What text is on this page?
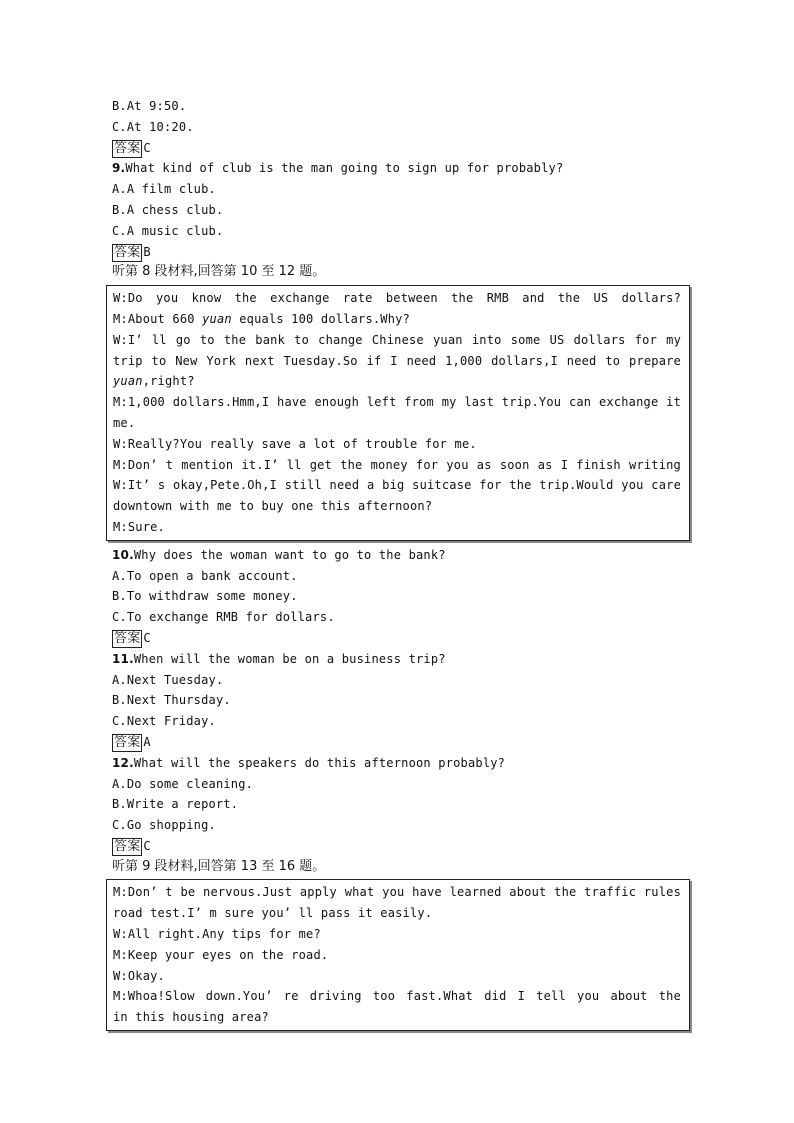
B.At 9:50.
C.At 10:20.
答案 C
9.What kind of club is the man going to sign up for probably?
A.A film club.
B.A chess club.
C.A music club.
答案 B
听第 8 段材料,回答第 10 至 12 题。
W:Do you know the exchange rate between the RMB and the US dollars?
M:About 660 yuan equals 100 dollars.Why?
W:I’ ll go to the bank to change Chinese yuan into some US dollars for my
trip to New York next Tuesday.So if I need 1,000 dollars,I need to prepare
yuan,right?
M:1,000 dollars.Hmm,I have enough left from my last trip.You can exchange it
me.
W:Really?You really save a lot of trouble for me.
M:Don’ t mention it.I’ ll get the money for you as soon as I finish writing
W:It’ s okay,Pete.Oh,I still need a big suitcase for the trip.Would you care
downtown with me to buy one this afternoon?
M:Sure.
10.Why does the woman want to go to the bank?
A.To open a bank account.
B.To withdraw some money.
C.To exchange RMB for dollars.
答案 C
11.When will the woman be on a business trip?
A.Next Tuesday.
B.Next Thursday.
C.Next Friday.
答案 A
12.What will the speakers do this afternoon probably?
A.Do some cleaning.
B.Write a report.
C.Go shopping.
答案 C
听第 9 段材料,回答第 13 至 16 题。
M:Don’ t be nervous.Just apply what you have learned about the traffic rules
road test.I’ m sure you’ ll pass it easily.
W:All right.Any tips for me?
M:Keep your eyes on the road.
W:Okay.
M:Whoa!Slow down.You’ re driving too fast.What did I tell you about the
in this housing area?
